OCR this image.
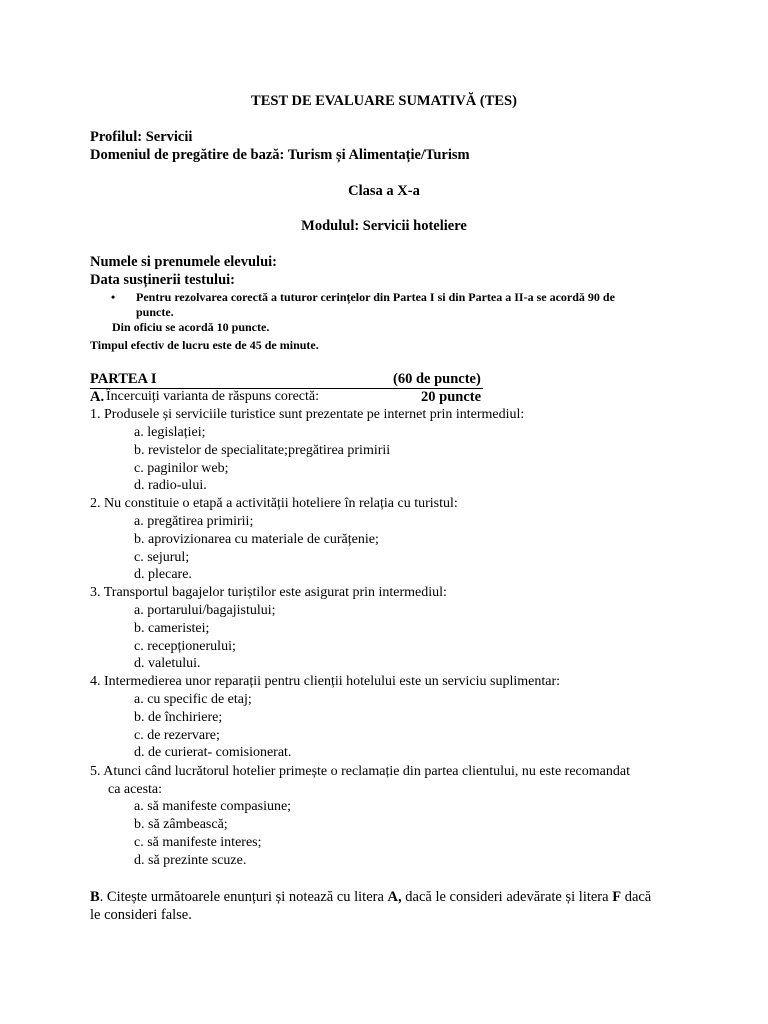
TEST DE EVALUARE SUMATIVĂ (TES)
Profilul: Servicii
Domeniul de pregătire de bază: Turism și Alimentație/Turism
Clasa a X-a
Modulul: Servicii hoteliere
Numele si prenumele elevului:
Data susținerii testului:
• Pentru rezolvarea corectă a tuturor cerințelor din Partea I si din Partea a II-a se acordă 90 de
puncte.
Din oficiu se acordă 10 puncte.
Timpul efectiv de lucru este de 45 de minute.
PARTEA I	(60 de puncte)
A. Încercuiți varianta de răspuns corectă:	20 puncte
1. Produsele și serviciile turistice sunt prezentate pe internet prin intermediul:
a. legislației;
b. revistelor de specialitate;pregătirea primirii
c. paginilor web;
d. radio-ului.
2. Nu constituie o etapă a activității hoteliere în relația cu turistul:
a. pregătirea primirii;
b. aprovizionarea cu materiale de curățenie;
c. sejurul;
d. plecare.
3. Transportul bagajelor turiștilor este asigurat prin intermediul:
a. portarului/bagajistului;
b. cameristei;
c. recepționerului;
d. valetului.
4. Intermedierea unor reparații pentru clienții hotelului este un serviciu suplimentar:
a. cu specific de etaj;
b. de închiriere;
c. de rezervare;
d. de curierat- comisionerat.
5. Atunci când lucrătorul hotelier primește o reclamație din partea clientului, nu este recomandat
ca acesta:
a. să manifeste compasiune;
b. să zâmbească;
c. să manifeste interes;
d. să prezinte scuze.
B. Citește următoarele enunțuri și notează cu litera A, dacă le consideri adevărate și litera F dacă
le consideri false.
